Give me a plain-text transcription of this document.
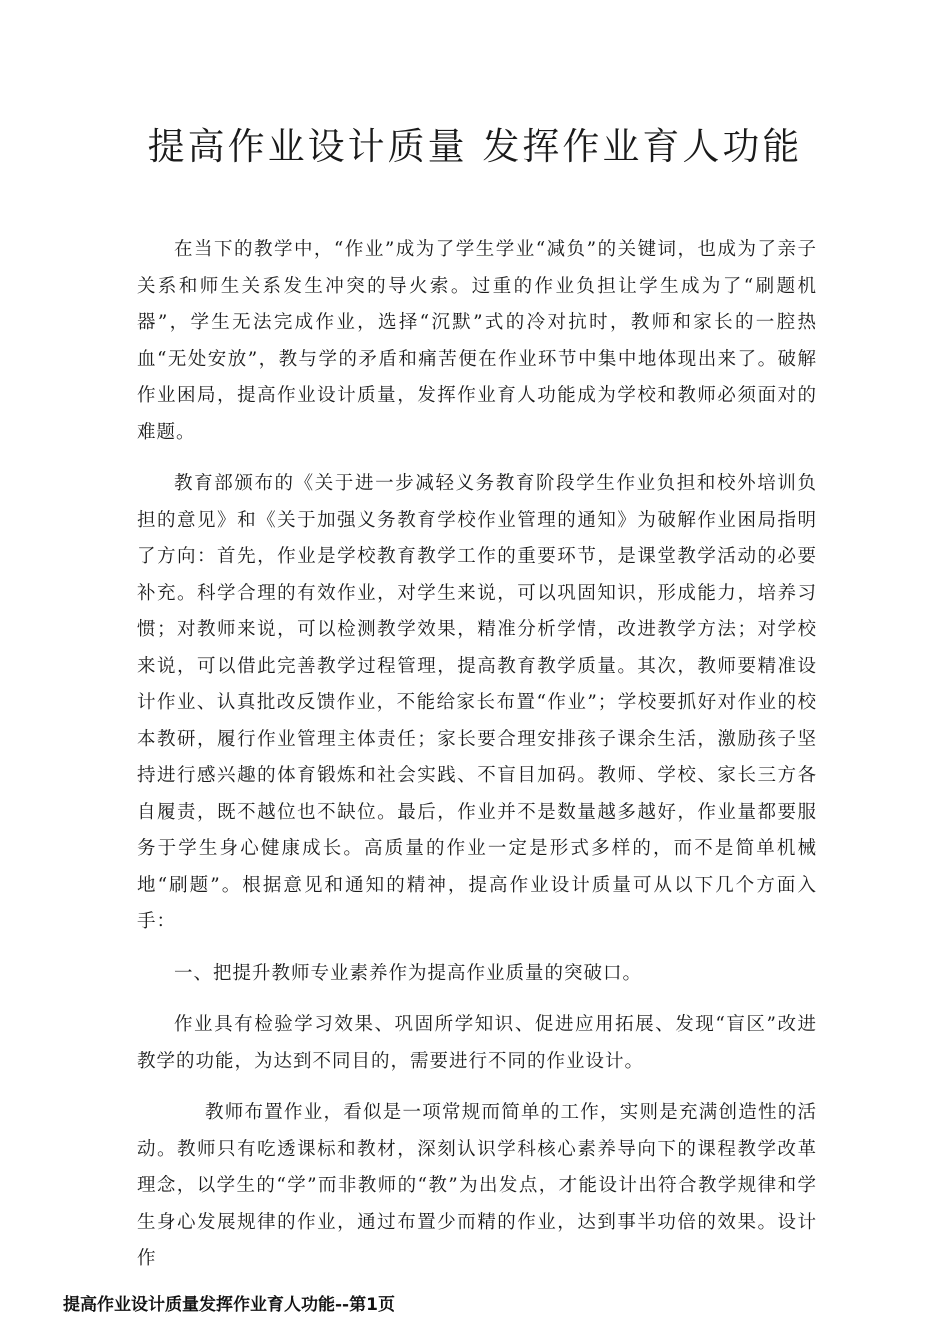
提高作业设计质量 发挥作业育人功能

在当下的教学中，“作业”成为了学生学业“减负”的关键词，也成为了亲子关系和师生关系发生冲突的导火索。过重的作业负担让学生成为了“刷题机器”，学生无法完成作业，选择“沉默”式的冷对抗时，教师和家长的一腔热血“无处安放”，教与学的矛盾和痛苦便在作业环节中集中地体现出来了。破解作业困局，提高作业设计质量，发挥作业育人功能成为学校和教师必须面对的难题。

教育部颁布的《关于进一步减轻义务教育阶段学生作业负担和校外培训负担的意见》和《关于加强义务教育学校作业管理的通知》为破解作业困局指明了方向：首先，作业是学校教育教学工作的重要环节，是课堂教学活动的必要补充。科学合理的有效作业，对学生来说，可以巩固知识，形成能力，培养习惯；对教师来说，可以检测教学效果，精准分析学情，改进教学方法；对学校来说，可以借此完善教学过程管理，提高教育教学质量。其次，教师要精准设计作业、认真批改反馈作业，不能给家长布置“作业”；学校要抓好对作业的校本教研，履行作业管理主体责任；家长要合理安排孩子课余生活，激励孩子坚持进行感兴趣的体育锻炼和社会实践、不盲目加码。教师、学校、家长三方各自履责，既不越位也不缺位。最后，作业并不是数量越多越好，作业量都要服务于学生身心健康成长。高质量的作业一定是形式多样的，而不是简单机械地“刷题”。根据意见和通知的精神，提高作业设计质量可从以下几个方面入手：

一、把提升教师专业素养作为提高作业质量的突破口。

作业具有检验学习效果、巩固所学知识、促进应用拓展、发现“盲区”改进教学的功能，为达到不同目的，需要进行不同的作业设计。

教师布置作业，看似是一项常规而简单的工作，实则是充满创造性的活动。教师只有吃透课标和教材，深刻认识学科核心素养导向下的课程教学改革理念，以学生的“学”而非教师的“教”为出发点，才能设计出符合教学规律和学生身心发展规律的作业，通过布置少而精的作业，达到事半功倍的效果。设计作

提高作业设计质量发挥作业育人功能--第1页
